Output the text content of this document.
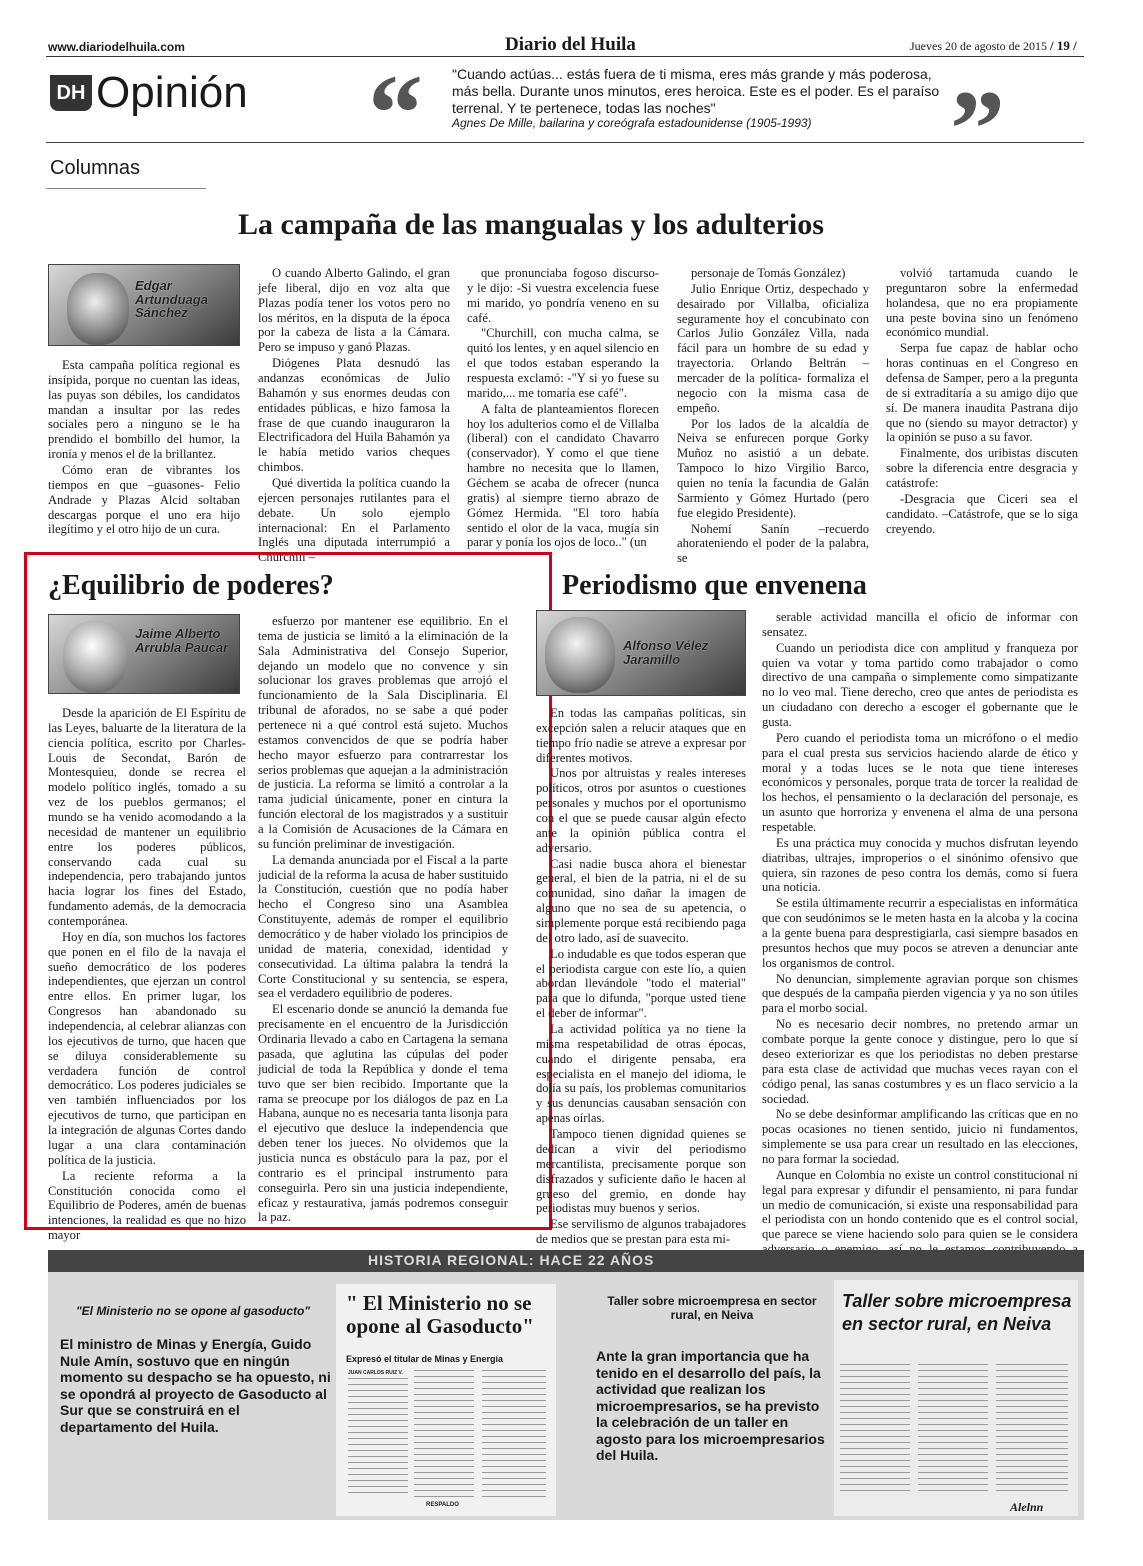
www.diariodelhuila.com	Diario del Huila	Jueves 20 de agosto de 2015 / 19 /
DH Opinión “ "Cuando actúas... estás fuera de ti misma, eres más grande y más poderosa, más bella. Durante unos minutos, eres heroica. Este es el poder. Es el paraíso terrenal. Y te pertenece, todas las noches"
Agnes De Mille, bailarina y coreógrafa estadounidense (1905-1993)	”
Columnas
La campaña de las mangualas y los adulterios
Edgar Artunduaga Sánchez

Esta campaña política regional es insípida, porque no cuentan las ideas, las puyas son débiles, los candidatos mandan a insultar por las redes sociales pero a ninguno se le ha prendido el bombillo del humor, la ironía y menos el de la brillantez.

Cómo eran de vibrantes los tiempos en que –guasones- Felio Andrade y Plazas Alcid soltaban descargas porque el uno era hijo ilegítimo y el otro hijo de un cura.

O cuando Alberto Galindo, el gran jefe liberal, dijo en voz alta que Plazas podía tener los votos pero no los méritos, en la disputa de la época por la cabeza de lista a la Cámara. Pero se impuso y ganó Plazas.

Diógenes Plata desnudó las andanzas económicas de Julio Bahamón y sus enormes deudas con entidades públicas, e hizo famosa la frase de que cuando inauguraron la Electrificadora del Huila Bahamón ya le había metido varios cheques chimbos.

Qué divertida la política cuando la ejercen personajes rutilantes para el debate. Un solo ejemplo internacional: En el Parlamento Inglés una diputada interrumpió a Churchill –

que pronunciaba fogoso discurso- y le dijo: -Si vuestra excelencia fuese mi marido, yo pondría veneno en su café.

"Churchill, con mucha calma, se quitó los lentes, y en aquel silencio en el que todos estaban esperando la respuesta exclamó: -"Y si yo fuese su marido,... me tomaría ese café".

A falta de planteamientos florecen hoy los adulterios como el de Villalba (liberal) con el candidato Chavarro (conservador). Y como el que tiene hambre no necesita que lo llamen, Géchem se acaba de ofrecer (nunca gratis) al siempre tierno abrazo de Gómez Hermida. "El toro había sentido el olor de la vaca, mugía sin parar y ponía los ojos de loco.." (un

personaje de Tomás González)

Julio Enrique Ortiz, despechado y desairado por Villalba, oficializa seguramente hoy el concubinato con Carlos Julio González Villa, nada fácil para un hombre de su edad y trayectoria. Orlando Beltrán –mercader de la política- formaliza el negocio con la misma casa de empeño.

Por los lados de la alcaldía de Neiva se enfurecen porque Gorky Muñoz no asistió a un debate. Tampoco lo hizo Virgilio Barco, quien no tenía la facundia de Galán Sarmiento y Gómez Hurtado (pero fue elegido Presidente).

Nohemí Sanín –recuerdo ahorateniendo el poder de la palabra, se

volvió tartamuda cuando le preguntaron sobre la enfermedad holandesa, que no era propiamente una peste bovina sino un fenómeno económico mundial.

Serpa fue capaz de hablar ocho horas continuas en el Congreso en defensa de Samper, pero a la pregunta de si extraditaría a su amigo dijo que sí. De manera inaudita Pastrana dijo que no (siendo su mayor detractor) y la opinión se puso a su favor.

Finalmente, dos uribistas discuten sobre la diferencia entre desgracia y catástrofe:

-Desgracia que Ciceri sea el candidato. –Catástrofe, que se lo siga creyendo.

¿Equilibrio de poderes?
Jaime Alberto Arrubla Paucar

Desde la aparición de El Espíritu de las Leyes, baluarte de la literatura de la ciencia política, escrito por Charles-Louis de Secondat, Barón de Montesquieu, donde se recrea el modelo político inglés, tomado a su vez de los pueblos germanos; el mundo se ha venido acomodando a la necesidad de mantener un equilibrio entre los poderes públicos, conservando cada cual su independencia, pero trabajando juntos hacia lograr los fines del Estado, fundamento además, de la democracia contemporánea.

Hoy en día, son muchos los factores que ponen en el filo de la navaja el sueño democrático de los poderes independientes, que ejerzan un control entre ellos. En primer lugar, los Congresos han abandonado su independencia, al celebrar alianzas con los ejecutivos de turno, que hacen que se diluya considerablemente su verdadera función de control democrático. Los poderes judiciales se ven también influenciados por los ejecutivos de turno, que participan en la integración de algunas Cortes dando lugar a una clara contaminación política de la justicia.

La reciente reforma a la Constitución conocida como el Equilibrio de Poderes, amén de buenas intenciones, la realidad es que no hizo mayor

esfuerzo por mantener ese equilibrio. En el tema de justicia se limitó a la eliminación de la Sala Administrativa del Consejo Superior, dejando un modelo que no convence y sin solucionar los graves problemas que arrojó el funcionamiento de la Sala Disciplinaria. El tribunal de aforados, no se sabe a qué poder pertenece ni a qué control está sujeto. Muchos estamos convencidos de que se podría haber hecho mayor esfuerzo para contrarrestar los serios problemas que aquejan a la administración de justicia. La reforma se limitó a controlar a la rama judicial únicamente, poner en cintura la función electoral de los magistrados y a sustituir a la Comisión de Acusaciones de la Cámara en su función preliminar de investigación.

La demanda anunciada por el Fiscal a la parte judicial de la reforma la acusa de haber sustituido la Constitución, cuestión que no podía haber hecho el Congreso sino una Asamblea Constituyente, además de romper el equilibrio democrático y de haber violado los principios de unidad de materia, conexidad, identidad y consecutividad. La última palabra la tendrá la Corte Constitucional y su sentencia, se espera, sea el verdadero equilibrio de poderes.

El escenario donde se anunció la demanda fue precisamente en el encuentro de la Jurisdicción Ordinaria llevado a cabo en Cartagena la semana pasada, que aglutina las cúpulas del poder judicial de toda la República y donde el tema tuvo que ser bien recibido. Importante que la rama se preocupe por los diálogos de paz en La Habana, aunque no es necesaria tanta lisonja para el ejecutivo que desluce la independencia que deben tener los jueces. No olvidemos que la justicia nunca es obstáculo para la paz, por el contrario es el principal instrumento para conseguirla. Pero sin una justicia independiente, eficaz y restaurativa, jamás podremos conseguir la paz.

Periodismo que envenena
Alfonso Vélez Jaramillo

En todas las campañas políticas, sin excepción salen a relucir ataques que en tiempo frío nadie se atreve a expresar por diferentes motivos.

Unos por altruistas y reales intereses políticos, otros por asuntos o cuestiones personales y muchos por el oportunismo con el que se puede causar algún efecto ante la opinión pública contra el adversario.

Casi nadie busca ahora el bienestar general, el bien de la patria, ni el de su comunidad, sino dañar la imagen de alguno que no sea de su apetencia, o simplemente porque está recibiendo paga del otro lado, así de suavecito.

Lo indudable es que todos esperan que el periodista cargue con este lío, a quien abordan llevándole "todo el material" para que lo difunda, "porque usted tiene el deber de informar".

La actividad política ya no tiene la misma respetabilidad de otras épocas, cuando el dirigente pensaba, era especialista en el manejo del idioma, le dolía su país, los problemas comunitarios y sus denuncias causaban sensación con apenas oírlas.

Tampoco tienen dignidad quienes se dedican a vivir del periodismo mercantilista, precisamente porque son disfrazados y suficiente daño le hacen al grueso del gremio, en donde hay periodistas muy buenos y serios.

Ese servilismo de algunos trabajadores de medios que se prestan para esta mi-

serable actividad mancilla el oficio de informar con sensatez.

Cuando un periodista dice con amplitud y franqueza por quien va votar y toma partido como trabajador o como directivo de una campaña o simplemente como simpatizante no lo veo mal. Tiene derecho, creo que antes de periodista es un ciudadano con derecho a escoger el gobernante que le gusta.

Pero cuando el periodista toma un micrófono o el medio para el cual presta sus servicios haciendo alarde de ético y moral y a todas luces se le nota que tiene intereses económicos y personales, porque trata de torcer la realidad de los hechos, el pensamiento o la declaración del personaje, es un asunto que horroriza y envenena el alma de una persona respetable.

Es una práctica muy conocida y muchos disfrutan leyendo diatribas, ultrajes, improperios o el sinónimo ofensivo que quiera, sin razones de peso contra los demás, como si fuera una noticia.

Se estila últimamente recurrir a especialistas en informática que con seudónimos se le meten hasta en la alcoba y la cocina a la gente buena para desprestigiarla, casi siempre basados en presuntos hechos que muy pocos se atreven a denunciar ante los organismos de control.

No denuncian, simplemente agravian porque son chismes que después de la campaña pierden vigencia y ya no son útiles para el morbo social.

No es necesario decir nombres, no pretendo armar un combate porque la gente conoce y distingue, pero lo que sí deseo exteriorizar es que los periodistas no deben prestarse para esta clase de actividad que muchas veces rayan con el código penal, las sanas costumbres y es un flaco servicio a la sociedad.

No se debe desinformar amplificando las críticas que en no pocas ocasiones no tienen sentido, juicio ni fundamentos, simplemente se usa para crear un resultado en las elecciones, no para formar la sociedad.

Aunque en Colombia no existe un control constitucional ni legal para expresar y difundir el pensamiento, ni para fundar un medio de comunicación, si existe una responsabilidad para el periodista con un hondo contenido que es el control social, que parece se viene haciendo solo para quien se le considera

HISTORIA REGIONAL: HACE 22 AÑOS
"El Ministerio no se opone al gasoducto"
El ministro de Minas y Energía, Guido Nule Amín, sostuvo que en ningún momento su despacho se ha opuesto, ni se opondrá al proyecto de Gasoducto al Sur que se construirá en el departamento del Huila.
" El Ministerio no se opone al Gasoducto"
Expresó el titular de Minas y Energía
JUAN CARLOS RUIZ V.
RESPALDO
Taller sobre microempresa en sector rural, en Neiva
Ante la gran importancia que ha tenido en el desarrollo del país, la actividad que realizan los microempresarios, se ha previsto la celebración de un taller en agosto para los microempresarios del Huila.
Taller sobre microempresa en sector rural, en Neiva
Alelnn
